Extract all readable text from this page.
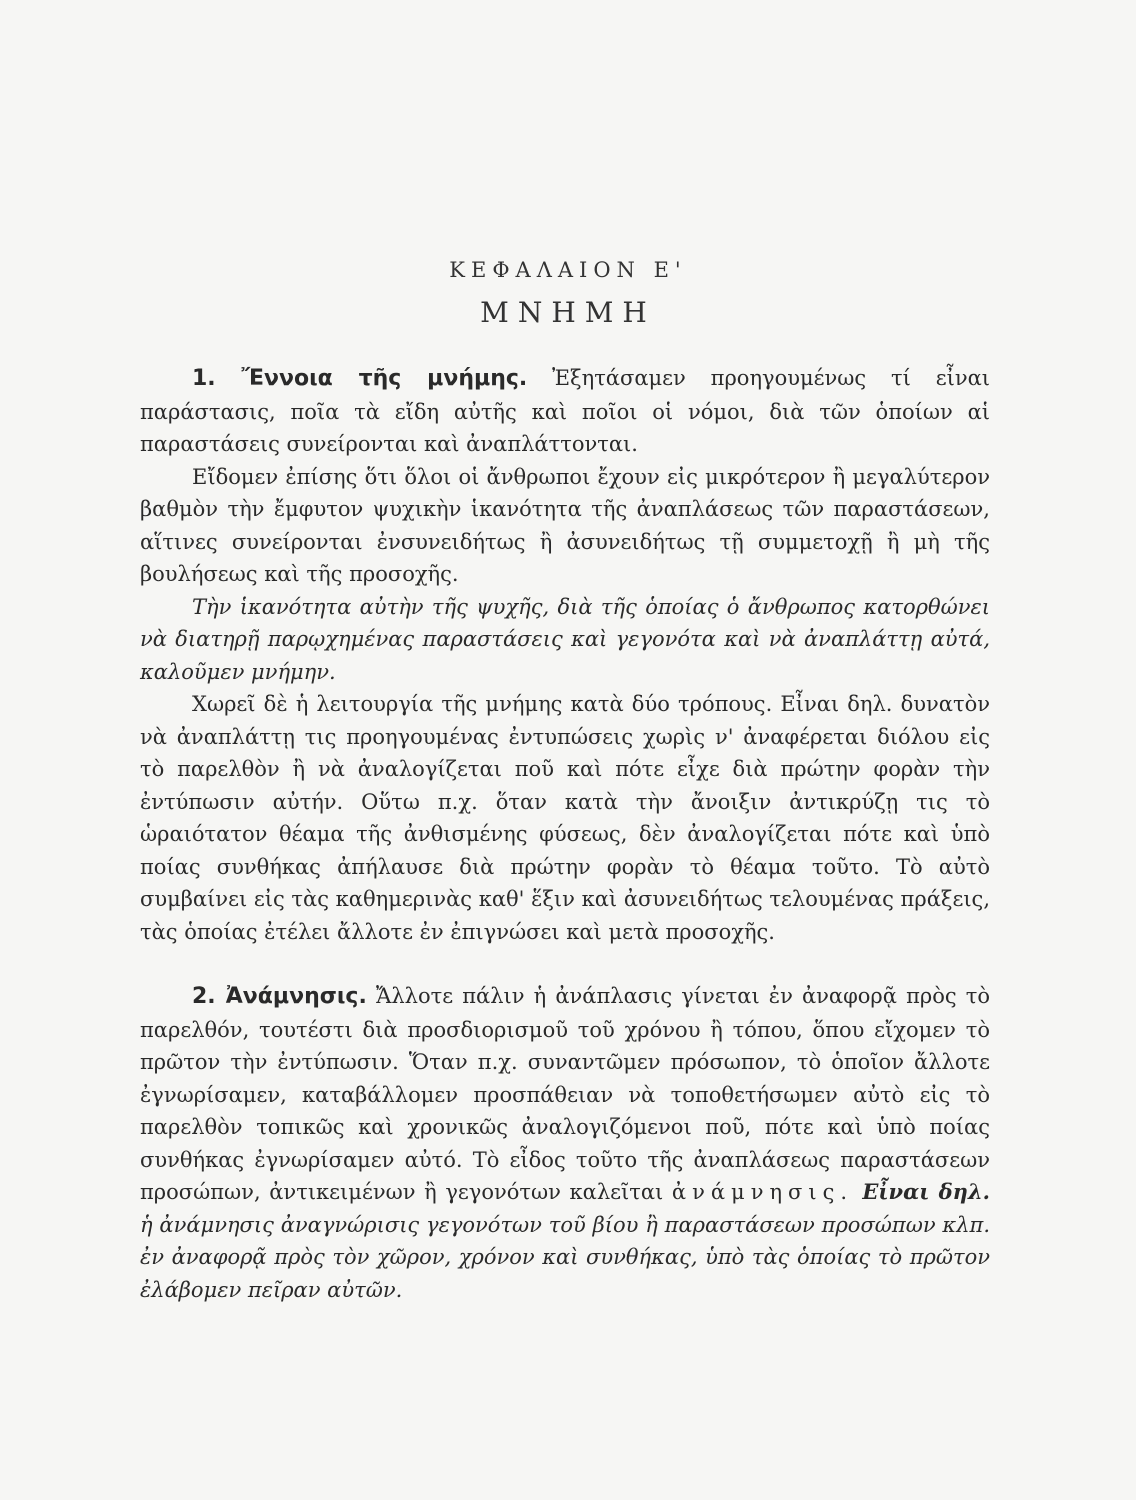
ΚΕΦΑΛΑΙΟΝ Ε'
ΜΝΗΜΗ

1. Ἔννοια τῆς μνήμης. Ἐξητάσαμεν προηγουμένως τί εἶναι παράστασις, ποῖα τὰ εἴδη αὐτῆς καὶ ποῖοι οἱ νόμοι, διὰ τῶν ὁποίων αἱ παραστάσεις συνείρονται καὶ ἀναπλάττονται.

Εἴδομεν ἐπίσης ὅτι ὅλοι οἱ ἄνθρωποι ἔχουν εἰς μικρότερον ἢ μεγαλύτερον βαθμὸν τὴν ἔμφυτον ψυχικὴν ἱκανότητα τῆς ἀναπλάσεως τῶν παραστάσεων, αἵτινες συνείρονται ἐνσυνειδήτως ἢ ἀσυνειδήτως τῇ συμμετοχῇ ἢ μὴ τῆς βουλήσεως καὶ τῆς προσοχῆς.

Τὴν ἱκανότητα αὐτὴν τῆς ψυχῆς, διὰ τῆς ὁποίας ὁ ἄνθρωπος κατορθώνει νὰ διατηρῇ παρῳχημένας παραστάσεις καὶ γεγονότα καὶ νὰ ἀναπλάττῃ αὐτά, καλοῦμεν μνήμην.

Χωρεῖ δὲ ἡ λειτουργία τῆς μνήμης κατὰ δύο τρόπους. Εἶναι δηλ. δυνατὸν νὰ ἀναπλάττῃ τις προηγουμένας ἐντυπώσεις χωρὶς ν' ἀναφέρεται διόλου εἰς τὸ παρελθὸν ἢ νὰ ἀναλογίζεται ποῦ καὶ πότε εἶχε διὰ πρώτην φορὰν τὴν ἐντύπωσιν αὐτήν. Οὕτω π.χ. ὅταν κατὰ τὴν ἄνοιξιν ἀντικρύζῃ τις τὸ ὡραιότατον θέαμα τῆς ἀνθισμένης φύσεως, δὲν ἀναλογίζεται πότε καὶ ὑπὸ ποίας συνθήκας ἀπήλαυσε διὰ πρώτην φορὰν τὸ θέαμα τοῦτο. Τὸ αὐτὸ συμβαίνει εἰς τὰς καθημερινὰς καθ' ἕξιν καὶ ἀσυνειδήτως τελουμένας πράξεις, τὰς ὁποίας ἐτέλει ἄλλοτε ἐν ἐπιγνώσει καὶ μετὰ προσοχῆς.

2. Ἀνάμνησις. Ἄλλοτε πάλιν ἡ ἀνάπλασις γίνεται ἐν ἀναφορᾷ πρὸς τὸ παρελθόν, τουτέστι διὰ προσδιορισμοῦ τοῦ χρόνου ἢ τόπου, ὅπου εἴχομεν τὸ πρῶτον τὴν ἐντύπωσιν. Ὅταν π.χ. συναντῶμεν πρόσωπον, τὸ ὁποῖον ἄλλοτε ἐγνωρίσαμεν, καταβάλλομεν προσπάθειαν νὰ τοποθετήσωμεν αὐτὸ εἰς τὸ παρελθὸν τοπικῶς καὶ χρονικῶς ἀναλογιζόμενοι ποῦ, πότε καὶ ὑπὸ ποίας συνθήκας ἐγνωρίσαμεν αὐτό. Τὸ εἶδος τοῦτο τῆς ἀναπλάσεως παραστάσεων προσώπων, ἀντικειμένων ἢ γεγονότων καλεῖται ἀνάμνησις. Εἶναι δηλ. ἡ ἀνάμνησις ἀναγνώρισις γεγονότων τοῦ βίου ἢ παραστάσεων προσώπων κλπ. ἐν ἀναφορᾷ πρὸς τὸν χῶρον, χρόνον καὶ συνθήκας, ὑπὸ τὰς ὁποίας τὸ πρῶτον ἐλάβομεν πεῖραν αὐτῶν.
